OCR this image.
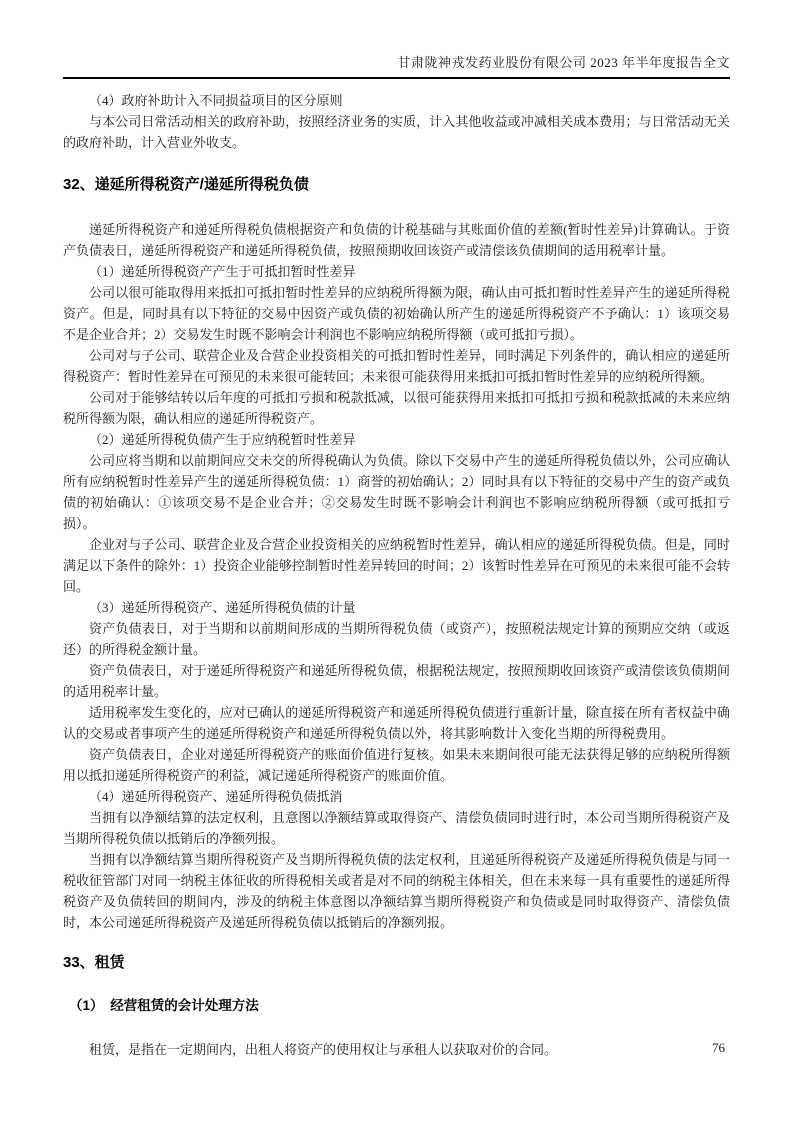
甘肃陇神戎发药业股份有限公司 2023 年半年度报告全文

（4）政府补助计入不同损益项目的区分原则

与本公司日常活动相关的政府补助，按照经济业务的实质，计入其他收益或冲减相关成本费用；与日常活动无关的政府补助，计入营业外收支。

32、递延所得税资产/递延所得税负债

递延所得税资产和递延所得税负债根据资产和负债的计税基础与其账面价值的差额(暂时性差异)计算确认。于资产负债表日，递延所得税资产和递延所得税负债，按照预期收回该资产或清偿该负债期间的适用税率计量。

（1）递延所得税资产产生于可抵扣暂时性差异

公司以很可能取得用来抵扣可抵扣暂时性差异的应纳税所得额为限，确认由可抵扣暂时性差异产生的递延所得税资产。但是，同时具有以下特征的交易中因资产或负债的初始确认所产生的递延所得税资产不予确认：1）该项交易不是企业合并；2）交易发生时既不影响会计利润也不影响应纳税所得额（或可抵扣亏损）。

公司对与子公司、联营企业及合营企业投资相关的可抵扣暂时性差异，同时满足下列条件的，确认相应的递延所得税资产：暂时性差异在可预见的未来很可能转回；未来很可能获得用来抵扣可抵扣暂时性差异的应纳税所得额。

公司对于能够结转以后年度的可抵扣亏损和税款抵减，以很可能获得用来抵扣可抵扣亏损和税款抵减的未来应纳税所得额为限，确认相应的递延所得税资产。

（2）递延所得税负债产生于应纳税暂时性差异

公司应将当期和以前期间应交未交的所得税确认为负债。除以下交易中产生的递延所得税负债以外，公司应确认所有应纳税暂时性差异产生的递延所得税负债：1）商誉的初始确认；2）同时具有以下特征的交易中产生的资产或负债的初始确认：①该项交易不是企业合并；②交易发生时既不影响会计利润也不影响应纳税所得额（或可抵扣亏损）。

企业对与子公司、联营企业及合营企业投资相关的应纳税暂时性差异，确认相应的递延所得税负债。但是，同时满足以下条件的除外：1）投资企业能够控制暂时性差异转回的时间；2）该暂时性差异在可预见的未来很可能不会转回。

（3）递延所得税资产、递延所得税负债的计量

资产负债表日，对于当期和以前期间形成的当期所得税负债（或资产），按照税法规定计算的预期应交纳（或返还）的所得税金额计量。

资产负债表日，对于递延所得税资产和递延所得税负债，根据税法规定，按照预期收回该资产或清偿该负债期间的适用税率计量。

适用税率发生变化的，应对已确认的递延所得税资产和递延所得税负债进行重新计量，除直接在所有者权益中确认的交易或者事项产生的递延所得税资产和递延所得税负债以外，将其影响数计入变化当期的所得税费用。

资产负债表日，企业对递延所得税资产的账面价值进行复核。如果未来期间很可能无法获得足够的应纳税所得额用以抵扣递延所得税资产的利益，减记递延所得税资产的账面价值。

（4）递延所得税资产、递延所得税负债抵消

当拥有以净额结算的法定权利，且意图以净额结算或取得资产、清偿负债同时进行时，本公司当期所得税资产及当期所得税负债以抵销后的净额列报。

当拥有以净额结算当期所得税资产及当期所得税负债的法定权利，且递延所得税资产及递延所得税负债是与同一税收征管部门对同一纳税主体征收的所得税相关或者是对不同的纳税主体相关，但在未来每一具有重要性的递延所得税资产及负债转回的期间内，涉及的纳税主体意图以净额结算当期所得税资产和负债或是同时取得资产、清偿负债时，本公司递延所得税资产及递延所得税负债以抵销后的净额列报。

33、租赁
（1）　经营租赁的会计处理方法

租赁，是指在一定期间内，出租人将资产的使用权让与承租人以获取对价的合同。	76
